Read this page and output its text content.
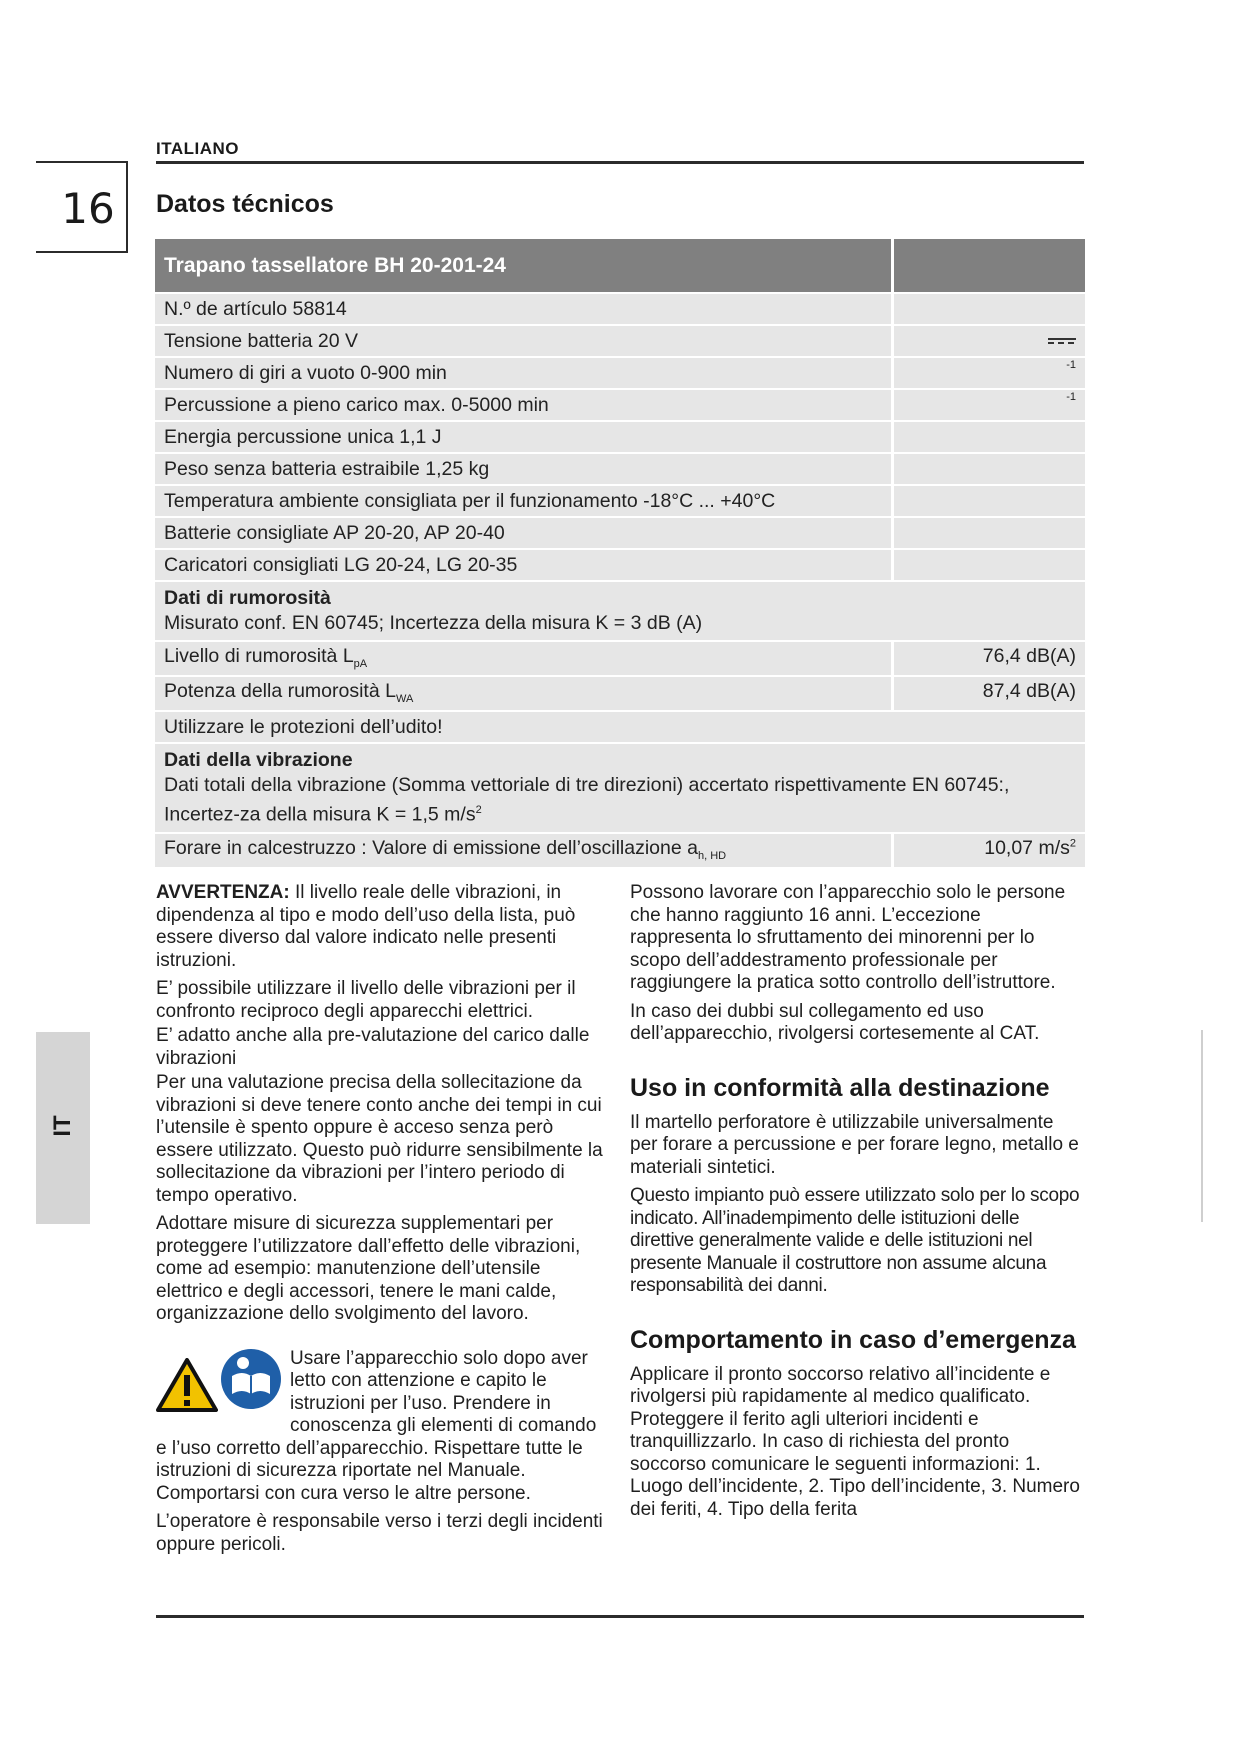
ITALIANO
16	Datos técnicos
Trapano tassellatore BH 20-201-24	
N.º de artículo 58814	
Tensione batteria 20 V	

Numero di giri a vuoto 0-900 min	-1

Percussione a pieno carico max. 0-5000 min	-1

Energia percussione unica 1,1 J	
Peso senza batteria estraibile 1,25 kg	
Temperatura ambiente consigliata per il funzionamento -18°C ... +40°C	
Batterie consigliate AP 20-20, AP 20-40	
Caricatori consigliati LG 20-24, LG 20-35	
Dati di rumorosità
Misurato conf. EN 60745; Incertezza della misura K = 3 dB (A)	
Livello di rumorosità $L_{pA}$	76,4 dB(A)
Potenza della rumorosità $L_{WA}$	87,4 dB(A)
Utilizzare le protezioni dell’udito!	
Dati della vibrazione
Dati totali della vibrazione (Somma vettoriale di tre direzioni) accertato rispettivamente EN 60745:, Incertez-za della misura K = 1,5 $m/s^2$
Forare in calcestruzzo : Valore di emissione dell’oscillazione $a_{h, HD}$	10,07 $m/s^2$

AVVERTENZA: Il livello reale delle vibrazioni, in dipendenza al tipo e modo dell’uso della lista, può essere diverso dal valore indicato nelle presenti istruzioni.

E’ possibile utilizzare il livello delle vibrazioni per il confronto reciproco degli apparecchi elettrici.

E’ adatto anche alla pre-valutazione del carico dalle vibrazioni

Per una valutazione precisa della sollecitazione da vibrazioni si deve tenere conto anche dei tempi in cui l’utensile è spento oppure è acceso senza però essere utilizzato. Questo può ridurre sensibilmente la sollecitazione da vibrazioni per l’intero periodo di tempo operativo.

Adottare misure di sicurezza supplementari per proteggere l’utilizzatore dall’effetto delle vibrazioni, come ad esempio: manutenzione dell’utensile elettrico e degli accessori, tenere le mani calde, organizzazione dello svolgimento del lavoro.

Usare l’apparecchio solo dopo aver letto con attenzione e capito le istruzioni per l’uso. Prendere in conoscenza gli elementi di comando e l’uso corretto dell’apparecchio. Rispettare tutte le istruzioni di sicurezza riportate nel Manuale. Comportarsi con cura verso le altre persone.

L’operatore è responsabile verso i terzi degli incidenti oppure pericoli.

Possono lavorare con l’apparecchio solo le persone che hanno raggiunto 16 anni. L’eccezione rappresenta lo sfruttamento dei minorenni per lo scopo dell’addestramento professionale per raggiungere la pratica sotto controllo dell’istruttore.

In caso dei dubbi sul collegamento ed uso dell’apparecchio, rivolgersi cortesemente al CAT.

Uso in conformità alla destinazione

Il martello perforatore è utilizzabile universalmente per forare a percussione e per forare legno, metallo e materiali sintetici.

Questo impianto può essere utilizzato solo per lo scopo indicato. All’inadempimento delle istituzioni delle direttive generalmente valide e delle istituzioni nel presente Manuale il costruttore non assume alcuna responsabilità dei danni.

Comportamento in caso d’emergenza

Applicare il pronto soccorso relativo all’incidente e rivolgersi più rapidamente al medico qualificato. Proteggere il ferito agli ulteriori incidenti e tranquillizzarlo. In caso di richiesta del pronto soccorso comunicare le seguenti informazioni: 1. Luogo dell’incidente, 2. Tipo dell’incidente, 3. Numero dei feriti, 4. Tipo della ferita

IT
